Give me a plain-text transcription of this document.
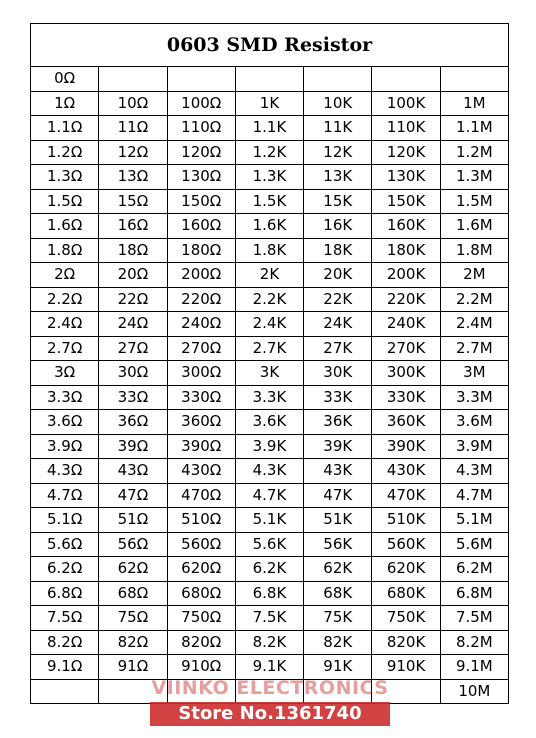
0603 SMD Resistor						
0Ω						
1Ω	10Ω	100Ω	1K	10K	100K	1M
1.1Ω	11Ω	110Ω	1.1K	11K	110K	1.1M
1.2Ω	12Ω	120Ω	1.2K	12K	120K	1.2M
1.3Ω	13Ω	130Ω	1.3K	13K	130K	1.3M
1.5Ω	15Ω	150Ω	1.5K	15K	150K	1.5M
1.6Ω	16Ω	160Ω	1.6K	16K	160K	1.6M
1.8Ω	18Ω	180Ω	1.8K	18K	180K	1.8M
2Ω	20Ω	200Ω	2K	20K	200K	2M
2.2Ω	22Ω	220Ω	2.2K	22K	220K	2.2M
2.4Ω	24Ω	240Ω	2.4K	24K	240K	2.4M
2.7Ω	27Ω	270Ω	2.7K	27K	270K	2.7M
3Ω	30Ω	300Ω	3K	30K	300K	3M
3.3Ω	33Ω	330Ω	3.3K	33K	330K	3.3M
3.6Ω	36Ω	360Ω	3.6K	36K	360K	3.6M
3.9Ω	39Ω	390Ω	3.9K	39K	390K	3.9M
4.3Ω	43Ω	430Ω	4.3K	43K	430K	4.3M
4.7Ω	47Ω	470Ω	4.7K	47K	470K	4.7M
5.1Ω	51Ω	510Ω	5.1K	51K	510K	5.1M
5.6Ω	56Ω	560Ω	5.6K	56K	560K	5.6M
6.2Ω	62Ω	620Ω	6.2K	62K	620K	6.2M
6.8Ω	68Ω	680Ω	6.8K	68K	680K	6.8M
7.5Ω	75Ω	750Ω	7.5K	75K	750K	7.5M
8.2Ω	82Ω	820Ω	8.2K	82K	820K	8.2M
9.1Ω	91Ω	910Ω	9.1K	91K	910K	9.1M
						10M
VIINKO ELECTRONICS
Store No.1361740
